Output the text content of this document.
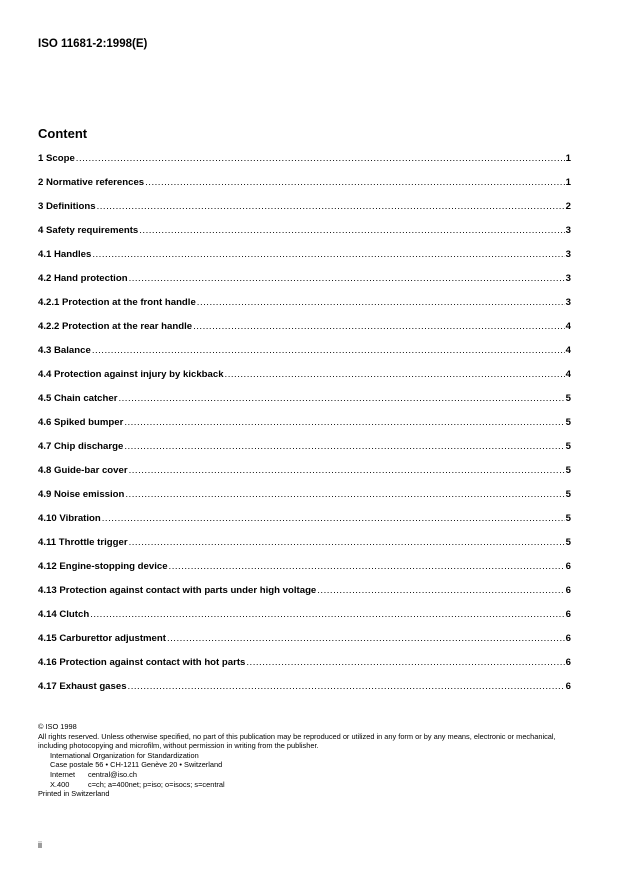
ISO 11681-2:1998(E)
Content
1 Scope .....	1
2 Normative references .....	1
3 Definitions .....	2
4 Safety requirements .....	3
4.1 Handles .....	3
4.2 Hand protection .....	3
4.2.1 Protection at the front handle .....	3
4.2.2 Protection at the rear handle .....	4
4.3 Balance .....	4
4.4 Protection against injury by kickback .....	4
4.5 Chain catcher .....	5
4.6 Spiked bumper .....	5
4.7 Chip discharge .....	5
4.8 Guide-bar cover .....	5
4.9 Noise emission .....	5
4.10 Vibration .....	5
4.11 Throttle trigger .....	5
4.12 Engine-stopping device .....	6
4.13 Protection against contact with parts under high voltage .....	6
4.14 Clutch .....	6
4.15 Carburettor adjustment .....	6
4.16 Protection against contact with hot parts .....	6
4.17 Exhaust gases .....	6
© ISO 1998
All rights reserved. Unless otherwise specified, no part of this publication may be reproduced or utilized in any form or by any means, electronic or mechanical, including photocopying and microfilm, without permission in writing from the publisher.
International Organization for Standardization
Case postale 56 • CH-1211 Genève 20 • Switzerland
Internet	central@iso.ch
X.400	c=ch; a=400net; p=iso; o=isocs; s=central
Printed in Switzerland
ii
